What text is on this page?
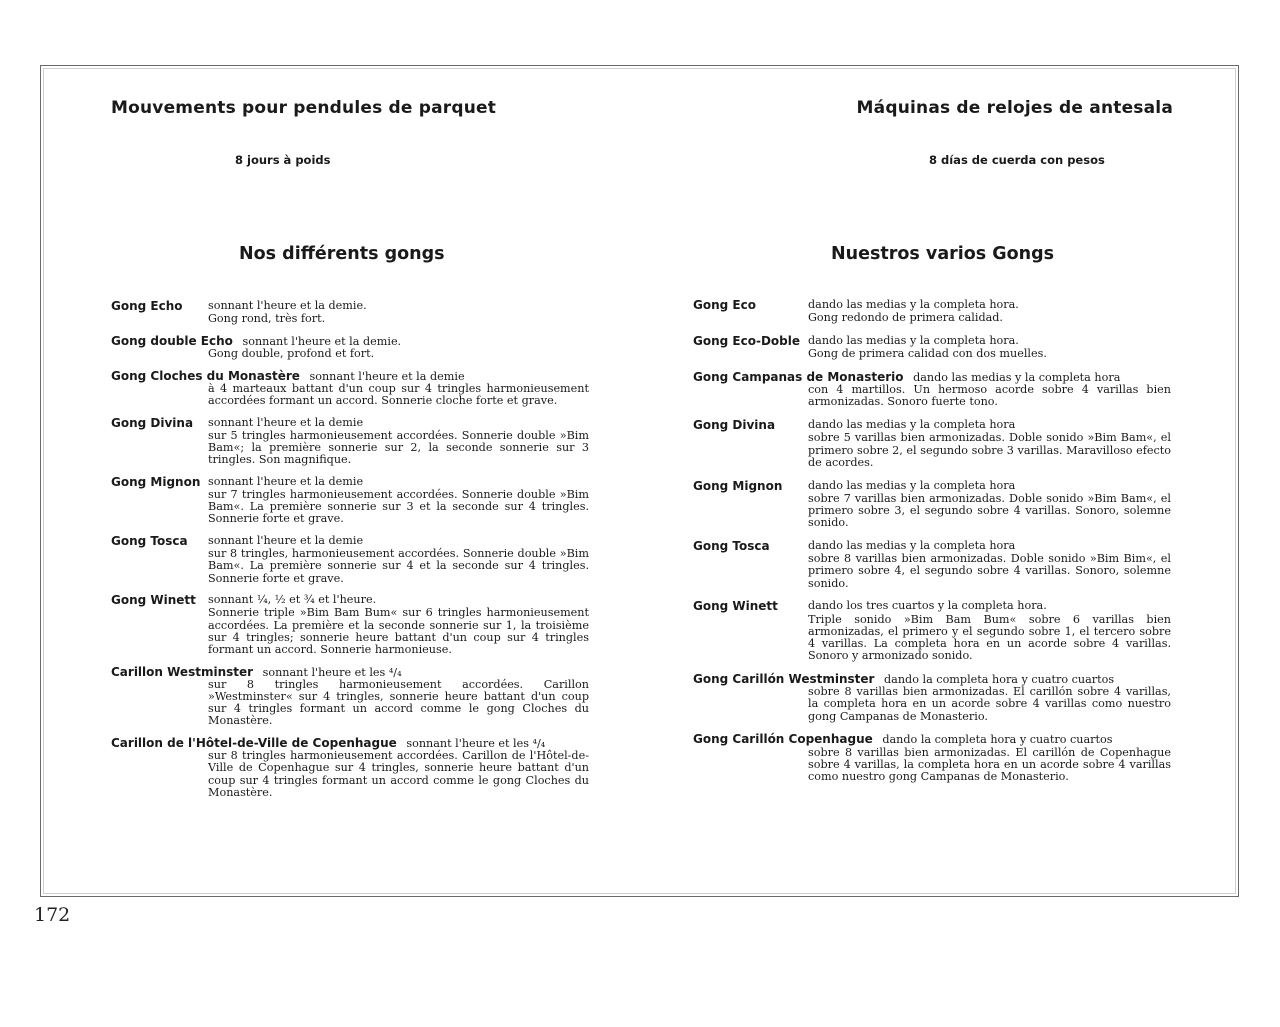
Mouvements pour pendules de parquet
8 jours à poids
Nos différents gongs
Gong Echo sonnant l'heure et la demie.
Gong rond, très fort.
Gong double Echo sonnant l'heure et la demie.
Gong double, profond et fort.
Gong Cloches du Monastère sonnant l'heure et la demie
à 4 marteaux battant d'un coup sur 4 tringles harmonieusement accordées formant un accord. Sonnerie cloche forte et grave.
Gong Divina sonnant l'heure et la demie
sur 5 tringles harmonieusement accordées. Sonnerie double »Bim Bam«; la première sonnerie sur 2, la seconde sonnerie sur 3 tringles. Son magnifique.
Gong Mignon sonnant l'heure et la demie
sur 7 tringles harmonieusement accordées. Sonnerie double »Bim Bam«. La première sonnerie sur 3 et la seconde sur 4 tringles. Sonnerie forte et grave.
Gong Tosca sonnant l'heure et la demie
sur 8 tringles, harmonieusement accordées. Sonnerie double »Bim Bam«. La première sonnerie sur 4 et la seconde sur 4 tringles. Sonnerie forte et grave.
Gong Winett sonnant ¼, ½ et ¾ et l'heure.
Sonnerie triple »Bim Bam Bum« sur 6 tringles harmonieusement accordées. La première et la seconde sonnerie sur 1, la troisième sur 4 tringles; sonnerie heure battant d'un coup sur 4 tringles formant un accord. Sonnerie harmonieuse.
Carillon Westminster sonnant l'heure et les ⁴/₄
sur 8 tringles harmonieusement accordées. Carillon »Westminster« sur 4 tringles, sonnerie heure battant d'un coup sur 4 tringles formant un accord comme le gong Cloches du Monastère.
Carillon de l'Hôtel-de-Ville de Copenhague sonnant l'heure et les ⁴/₄
sur 8 tringles harmonieusement accordées. Carillon de l'Hôtel-de-Ville de Copenhague sur 4 tringles, sonnerie heure battant d'un coup sur 4 tringles formant un accord comme le gong Cloches du Monastère.
Máquinas de relojes de antesala
8 días de cuerda con pesos
Nuestros varios Gongs
Gong Eco	dando las medias y la completa hora.
Gong redondo de primera calidad.
Gong Eco-Doble dando las medias y la completa hora.
Gong de primera calidad con dos muelles.
Gong Campanas de Monasterio dando las medias y la completa hora
con 4 martillos. Un hermoso acorde sobre 4 varillas bien armonizadas. Sonoro fuerte tono.
Gong Divina	dando las medias y la completa hora
sobre 5 varillas bien armonizadas. Doble sonido »Bim Bam«, el primero sobre 2, el segundo sobre 3 varillas. Maravilloso efecto de acordes.
Gong Mignon dando las medias y la completa hora
sobre 7 varillas bien armonizadas. Doble sonido »Bim Bam«, el primero sobre 3, el segundo sobre 4 varillas. Sonoro, solemne sonido.
Gong Tosca	dando las medias y la completa hora
sobre 8 varillas bien armonizadas. Doble sonido »Bim Bim«, el primero sobre 4, el segundo sobre 4 varillas. Sonoro, solemne sonido.
Gong Winett	dando los tres cuartos y la completa hora.
Triple sonido »Bim Bam Bum« sobre 6 varillas bien armonizadas, el primero y el segundo sobre 1, el tercero sobre 4 varillas. La completa hora en un acorde sobre 4 varillas. Sonoro y armonizado sonido.
Gong Carillón Westminster dando la completa hora y cuatro cuartos
sobre 8 varillas bien armonizadas. El carillón sobre 4 varillas, la completa hora en un acorde sobre 4 varillas como nuestro gong Campanas de Monasterio.
Gong Carillón Copenhague dando la completa hora y cuatro cuartos
sobre 8 varillas bien armonizadas. El carillón de Copenhague sobre 4 varillas, la completa hora en un acorde sobre 4 varillas como nuestro gong Campanas de Monasterio.
172
